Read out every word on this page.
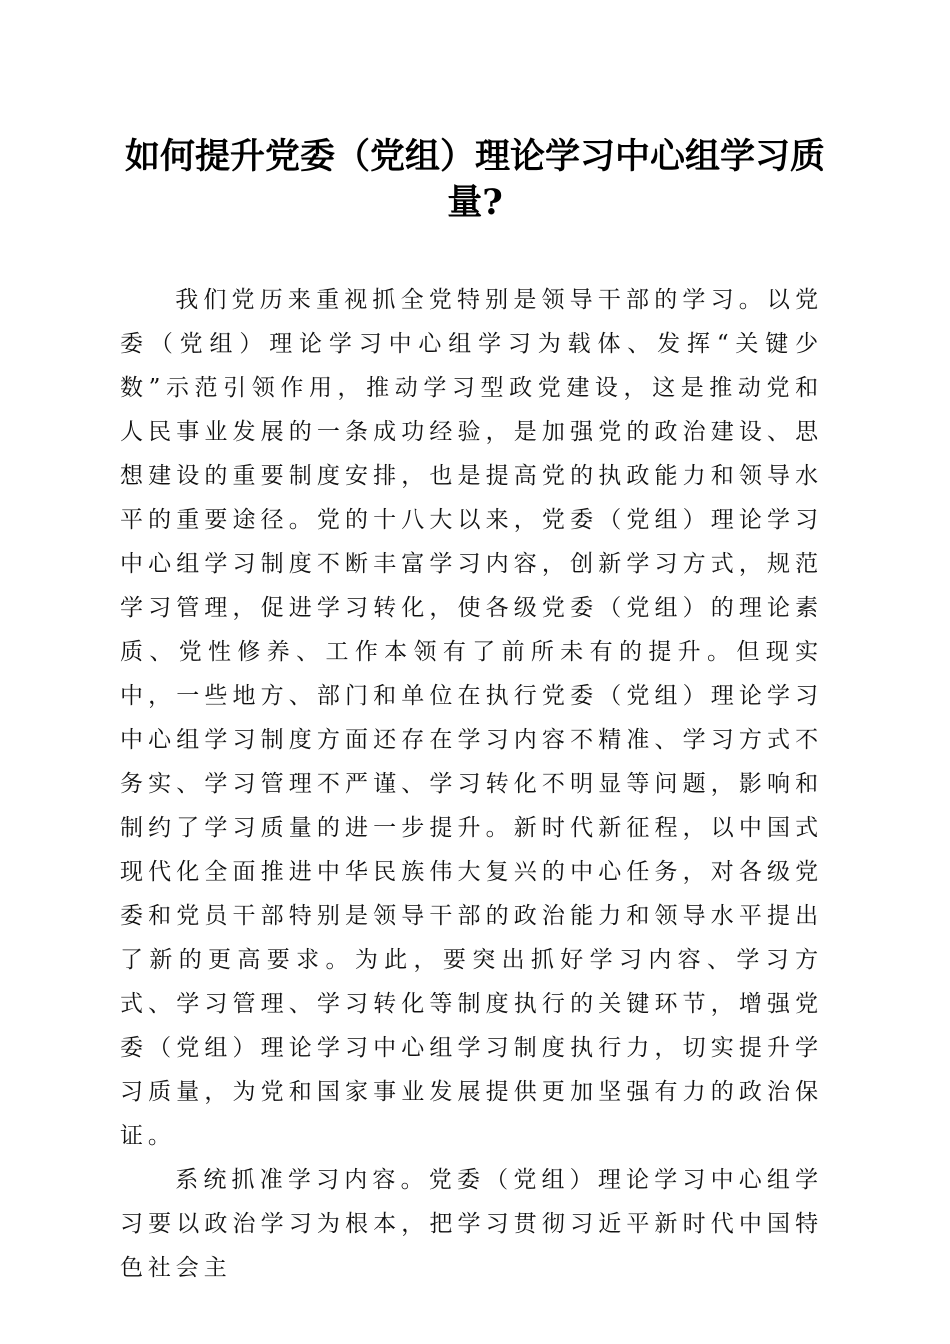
如何提升党委（党组）理论学习中心组学习质量?

我们党历来重视抓全党特别是领导干部的学习。以党委（党组）理论学习中心组学习为载体、发挥“关键少数”示范引领作用，推动学习型政党建设，这是推动党和人民事业发展的一条成功经验，是加强党的政治建设、思想建设的重要制度安排，也是提高党的执政能力和领导水平的重要途径。党的十八大以来，党委（党组）理论学习中心组学习制度不断丰富学习内容，创新学习方式，规范学习管理，促进学习转化，使各级党委（党组）的理论素质、党性修养、工作本领有了前所未有的提升。但现实中，一些地方、部门和单位在执行党委（党组）理论学习中心组学习制度方面还存在学习内容不精准、学习方式不务实、学习管理不严谨、学习转化不明显等问题，影响和制约了学习质量的进一步提升。新时代新征程，以中国式现代化全面推进中华民族伟大复兴的中心任务，对各级党委和党员干部特别是领导干部的政治能力和领导水平提出了新的更高要求。为此，要突出抓好学习内容、学习方式、学习管理、学习转化等制度执行的关键环节，增强党委（党组）理论学习中心组学习制度执行力，切实提升学习质量，为党和国家事业发展提供更加坚强有力的政治保证。

系统抓准学习内容。党委（党组）理论学习中心组学习要以政治学习为根本，把学习贯彻习近平新时代中国特色社会主
